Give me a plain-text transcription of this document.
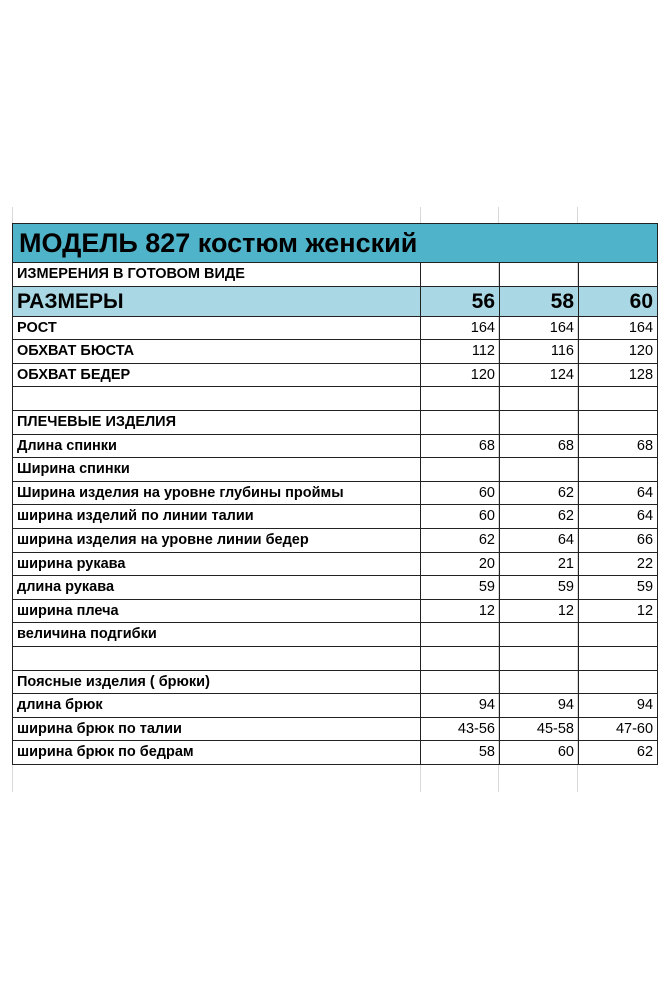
МОДЕЛЬ 827 костюм женский			
ИЗМЕРЕНИЯ В ГОТОВОМ ВИДЕ			
РАЗМЕРЫ	56	58	60
РОСТ	164	164	164
ОБХВАТ БЮСТА	112	116	120
ОБХВАТ БЕДЕР	120	124	128

ПЛЕЧЕВЫЕ ИЗДЕЛИЯ			
Длина спинки	68	68	68
Ширина спинки			
Ширина изделия на уровне глубины проймы	60	62	64
ширина изделий по линии талии	60	62	64
ширина изделия на уровне линии бедер	62	64	66
ширина рукава	20	21	22
длина рукава	59	59	59
ширина плеча	12	12	12
величина подгибки			

Поясные изделия ( брюки)			
длина брюк	94	94	94
ширина брюк по талии	43-56	45-58	47-60
ширина брюк по бедрам	58	60	62
